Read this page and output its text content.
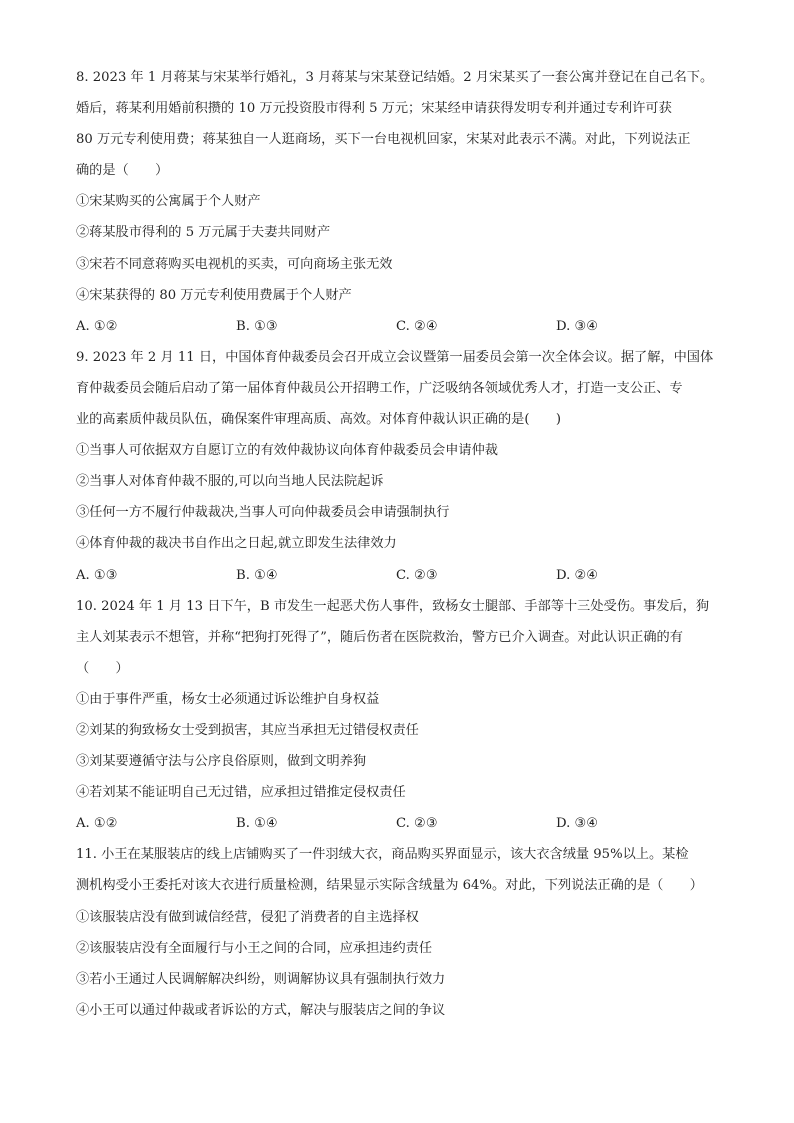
8. 2023 年 1 月蒋某与宋某举行婚礼，3 月蒋某与宋某登记结婚。2 月宋某买了一套公寓并登记在自己名下。
婚后，蒋某利用婚前积攒的 10 万元投资股市得利 5 万元；宋某经申请获得发明专利并通过专利许可获
80 万元专利使用费；蒋某独自一人逛商场，买下一台电视机回家，宋某对此表示不满。对此，下列说法正
确的是（　　）
①宋某购买的公寓属于个人财产
②蒋某股市得利的 5 万元属于夫妻共同财产
③宋若不同意蒋购买电视机的买卖，可向商场主张无效
④宋某获得的 80 万元专利使用费属于个人财产
A. ①②	B. ①③	C. ②④	D. ③④
9. 2023 年 2 月 11 日，中国体育仲裁委员会召开成立会议暨第一届委员会第一次全体会议。据了解，中国体
育仲裁委员会随后启动了第一届体育仲裁员公开招聘工作，广泛吸纳各领域优秀人才，打造一支公正、专
业的高素质仲裁员队伍，确保案件审理高质、高效。对体育仲裁认识正确的是(　　)
①当事人可依据双方自愿订立的有效仲裁协议向体育仲裁委员会申请仲裁
②当事人对体育仲裁不服的,可以向当地人民法院起诉
③任何一方不履行仲裁裁决,当事人可向仲裁委员会申请强制执行
④体育仲裁的裁决书自作出之日起,就立即发生法律效力
A. ①③	B. ①④	C. ②③	D. ②④
10. 2024 年 1 月 13 日下午，B 市发生一起恶犬伤人事件，致杨女士腿部、手部等十三处受伤。事发后，狗
主人刘某表示不想管，并称“把狗打死得了”，随后伤者在医院救治，警方已介入调查。对此认识正确的有
（　　）
①由于事件严重，杨女士必须通过诉讼维护自身权益
②刘某的狗致杨女士受到损害，其应当承担无过错侵权责任
③刘某要遵循守法与公序良俗原则，做到文明养狗
④若刘某不能证明自己无过错，应承担过错推定侵权责任
A. ①②	B. ①④	C. ②③	D. ③④
11. 小王在某服装店的线上店铺购买了一件羽绒大衣，商品购买界面显示，该大衣含绒量 95%以上。某检
测机构受小王委托对该大衣进行质量检测，结果显示实际含绒量为 64%。对此，下列说法正确的是（　　）
①该服装店没有做到诚信经营，侵犯了消费者的自主选择权
②该服装店没有全面履行与小王之间的合同，应承担违约责任
③若小王通过人民调解解决纠纷，则调解协议具有强制执行效力
④小王可以通过仲裁或者诉讼的方式，解决与服装店之间的争议
